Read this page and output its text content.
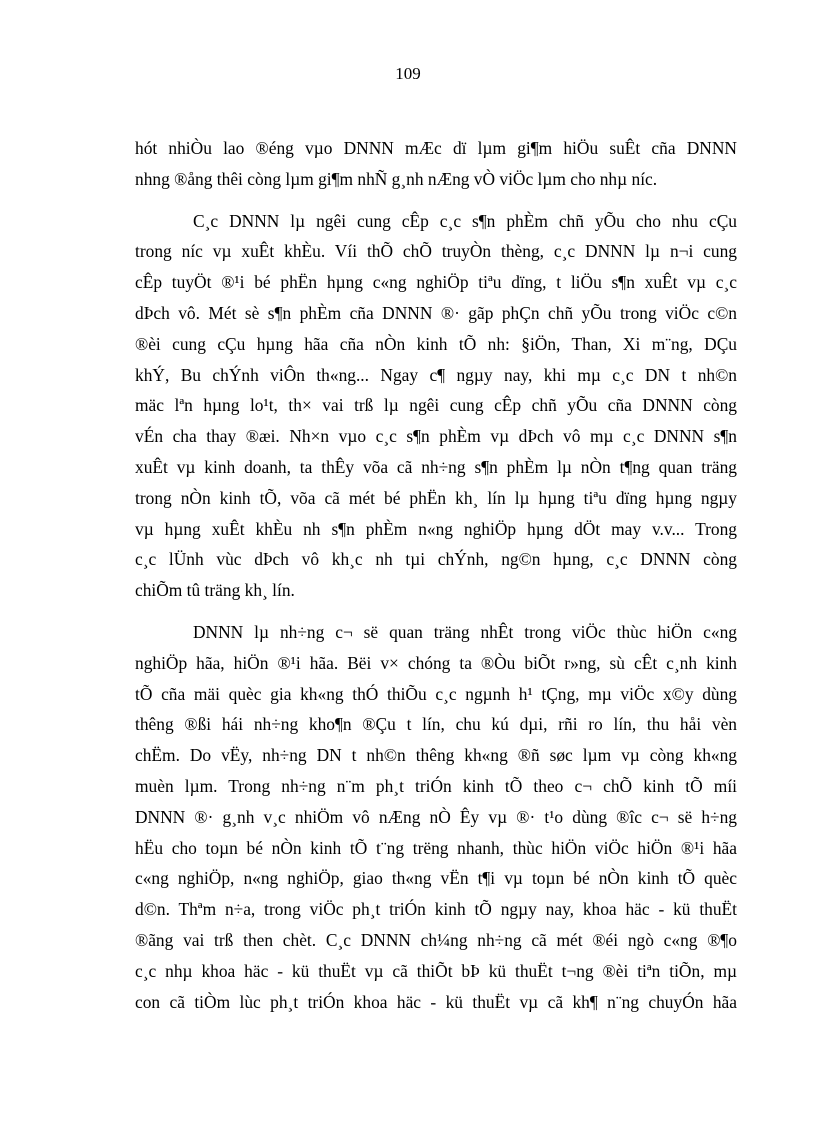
109

hót nhiÒu lao ®éng vµo DNNN mÆc dï lµm gi¶m hiÖu suÊt cña DNNN
nhng ®ång thêi còng lµm gi¶m nhÑ g¸nh nÆng vÒ viÖc lµm cho nhµ níc.

C¸c DNNN lµ ngêi cung cÊp c¸c s¶n phÈm chñ yÕu cho nhu cÇu
trong níc vµ xuÊt khÈu. Víi thÕ chÕ truyÒn thèng, c¸c DNNN lµ n¬i cung
cÊp tuyÖt ®¹i bé phËn hµng c«ng nghiÖp tiªu dïng, t liÖu s¶n xuÊt vµ c¸c
dÞch vô. Mét sè s¶n phÈm cña DNNN ®· gãp phÇn chñ yÕu trong viÖc c©n
®èi cung cÇu hµng hãa cña nÒn kinh tÕ nh: §iÖn, Than, Xi m¨ng, DÇu
khÝ, Bu chÝnh viÔn th«ng... Ngay c¶ ngµy nay, khi mµ c¸c DN t nh©n
mäc lªn hµng lo¹t, th× vai trß lµ ngêi cung cÊp chñ yÕu cña DNNN còng
vÉn cha thay ®æi. Nh×n vµo c¸c s¶n phÈm vµ dÞch vô mµ c¸c DNNN s¶n
xuÊt vµ kinh doanh, ta thÊy võa cã nh÷ng s¶n phÈm lµ nÒn t¶ng quan träng
trong nÒn kinh tÕ, võa cã mét bé phËn kh¸ lín lµ hµng tiªu dïng hµng ngµy
vµ hµng xuÊt khÈu nh s¶n phÈm n«ng nghiÖp hµng dÖt may v.v... Trong
c¸c lÜnh vùc dÞch vô kh¸c nh tµi chÝnh, ng©n hµng, c¸c DNNN còng
chiÕm tû träng kh¸ lín.

DNNN lµ nh÷ng c¬ së quan träng nhÊt trong viÖc thùc hiÖn c«ng
nghiÖp hãa, hiÖn ®¹i hãa. Bëi v× chóng ta ®Òu biÕt r»ng, sù cÊt c¸nh kinh
tÕ cña mäi quèc gia kh«ng thÓ thiÕu c¸c ngµnh h¹ tÇng, mµ viÖc x©y dùng
thêng ®ßi hái nh÷ng kho¶n ®Çu t lín, chu kú dµi, rñi ro lín, thu håi vèn
chËm. Do vËy, nh÷ng DN t nh©n thêng kh«ng ®ñ søc lµm vµ còng kh«ng
muèn lµm. Trong nh÷ng n¨m ph¸t triÓn kinh tÕ theo c¬ chÕ kinh tÕ míi
DNNN ®· g¸nh v¸c nhiÖm vô nÆng nÒ Êy vµ ®· t¹o dùng ®îc c¬ së h÷ng
hËu cho toµn bé nÒn kinh tÕ t¨ng trëng nhanh, thùc hiÖn viÖc hiÖn ®¹i hãa
c«ng nghiÖp, n«ng nghiÖp, giao th«ng vËn t¶i vµ toµn bé nÒn kinh tÕ quèc
d©n. Thªm n÷a, trong viÖc ph¸t triÓn kinh tÕ ngµy nay, khoa häc - kü thuËt
®ãng vai trß then chèt. C¸c DNNN ch¼ng nh÷ng cã mét ®éi ngò c«ng ®¶o
c¸c nhµ khoa häc - kü thuËt vµ cã thiÕt bÞ kü thuËt t¬ng ®èi tiªn tiÕn, mµ
con cã tiÒm lùc ph¸t triÓn khoa häc - kü thuËt vµ cã kh¶ n¨ng chuyÓn hãa
